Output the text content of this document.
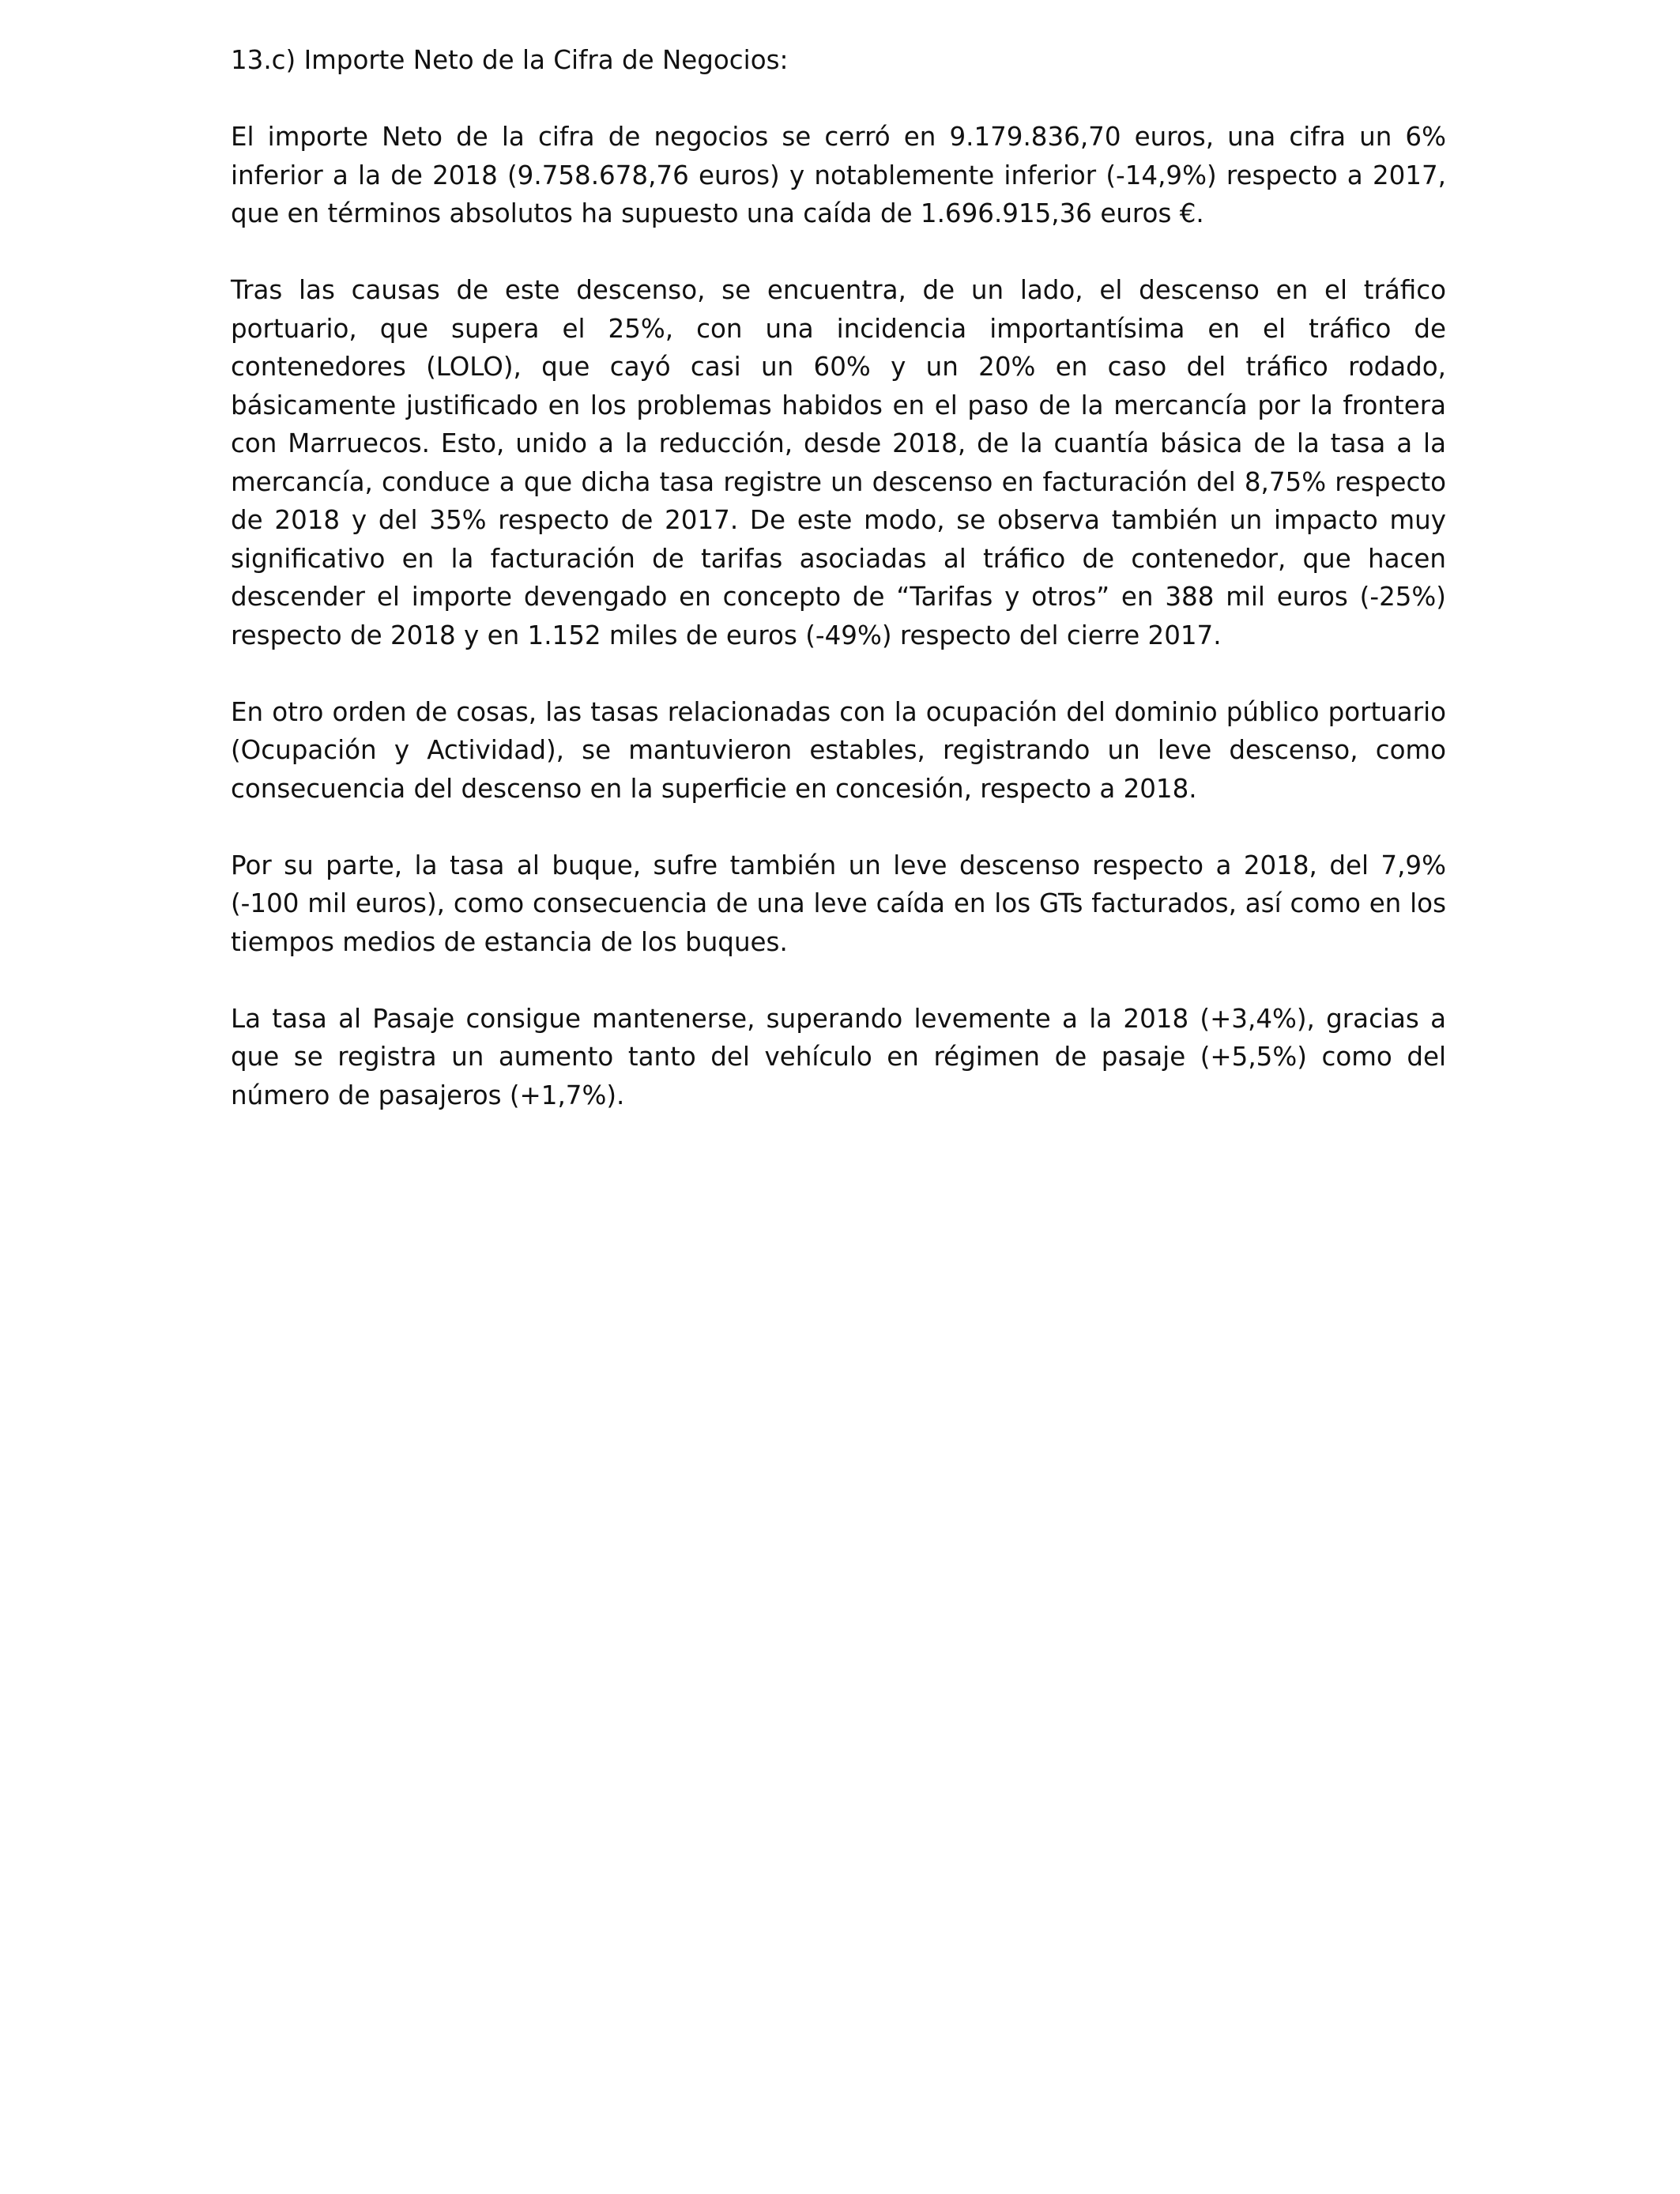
13.c) Importe Neto de la Cifra de Negocios:

El importe Neto de la cifra de negocios se cerró en 9.179.836,70 euros, una cifra un 6% inferior a la de 2018 (9.758.678,76 euros) y notablemente inferior (-14,9%) respecto a 2017, que en términos absolutos ha supuesto una caída de 1.696.915,36 euros €.

Tras las causas de este descenso, se encuentra, de un lado, el descenso en el tráfico portuario, que supera el 25%, con una incidencia importantísima en el tráfico de contenedores (LOLO), que cayó casi un 60% y un 20% en caso del tráfico rodado, básicamente justificado en los problemas habidos en el paso de la mercancía por la frontera con Marruecos. Esto, unido a la reducción, desde 2018, de la cuantía básica de la tasa a la mercancía, conduce a que dicha tasa registre un descenso en facturación del 8,75% respecto de 2018 y del 35% respecto de 2017. De este modo, se observa también un impacto muy significativo en la facturación de tarifas asociadas al tráfico de contenedor, que hacen descender el importe devengado en concepto de “Tarifas y otros” en 388 mil euros (-25%) respecto de 2018 y en 1.152 miles de euros (-49%) respecto del cierre 2017.

En otro orden de cosas, las tasas relacionadas con la ocupación del dominio público portuario (Ocupación y Actividad), se mantuvieron estables, registrando un leve descenso, como consecuencia del descenso en la superficie en concesión, respecto a 2018.

Por su parte, la tasa al buque, sufre también un leve descenso respecto a 2018, del 7,9% (-100 mil euros), como consecuencia de una leve caída en los GTs facturados, así como en los tiempos medios de estancia de los buques.

La tasa al Pasaje consigue mantenerse, superando levemente a la 2018 (+3,4%), gracias a que se registra un aumento tanto del vehículo en régimen de pasaje (+5,5%) como del número de pasajeros (+1,7%).
